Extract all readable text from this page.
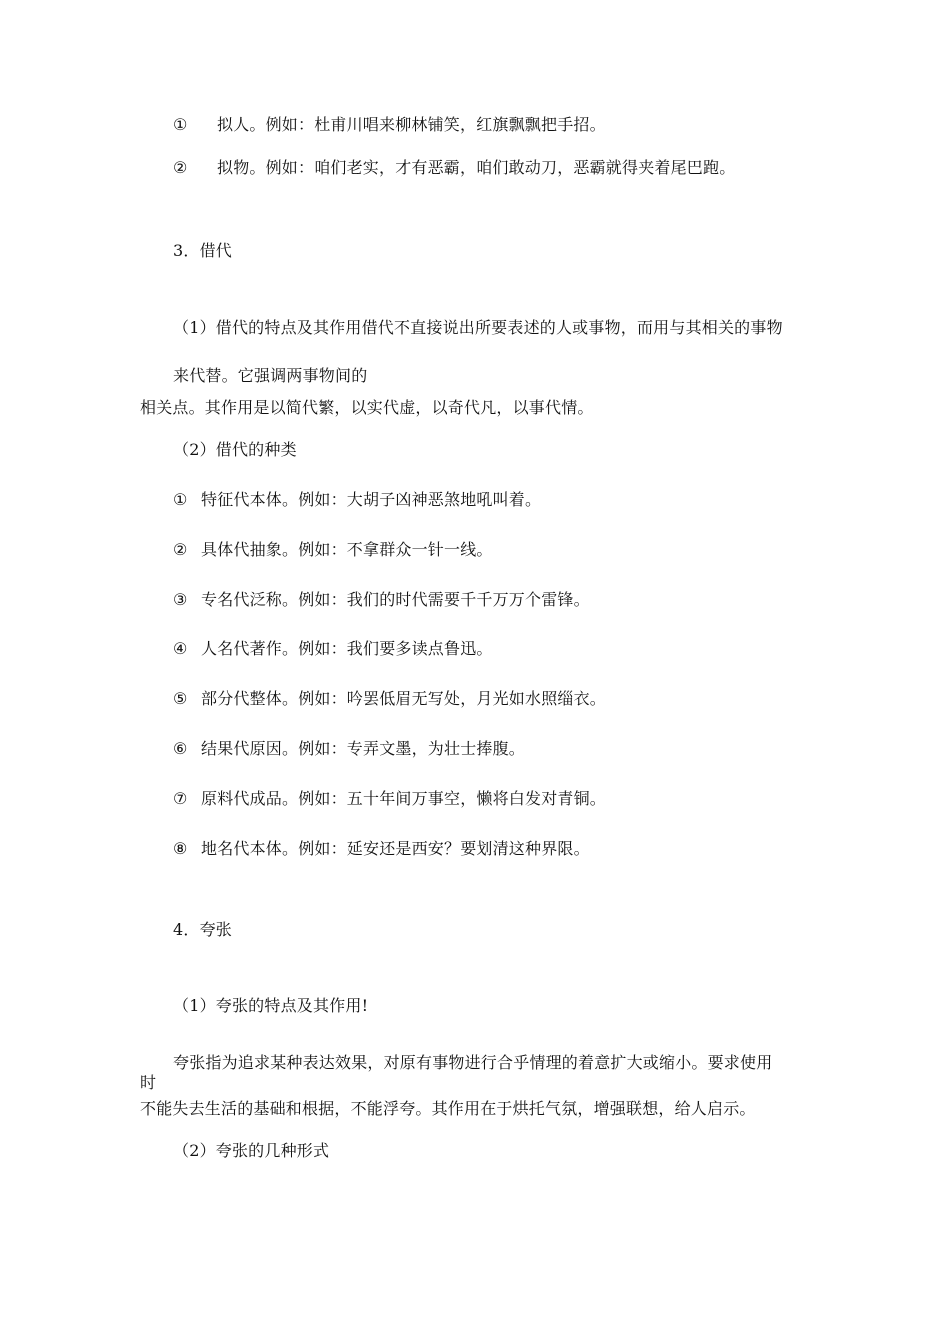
① 拟人。例如：杜甫川唱来柳林铺笑，红旗飘飘把手招。
② 拟物。例如：咱们老实，才有恶霸，咱们敢动刀，恶霸就得夹着尾巴跑。
3．借代
（1）借代的特点及其作用借代不直接说出所要表述的人或事物，而用与其相关的事物
来代替。它强调两事物间的
相关点。其作用是以简代繁，以实代虚，以奇代凡，以事代情。
（2）借代的种类
① 特征代本体。例如：大胡子凶神恶煞地吼叫着。
② 具体代抽象。例如：不拿群众一针一线。
③ 专名代泛称。例如：我们的时代需要千千万万个雷锋。
④ 人名代著作。例如：我们要多读点鲁迅。
⑤ 部分代整体。例如：吟罢低眉无写处，月光如水照缁衣。
⑥ 结果代原因。例如：专弄文墨，为壮士捧腹。
⑦ 原料代成品。例如：五十年间万事空，懒将白发对青铜。
⑧ 地名代本体。例如：延安还是西安？要划清这种界限。
4．夸张
（1）夸张的特点及其作用!
夸张指为追求某种表达效果，对原有事物进行合乎情理的着意扩大或缩小。要求使用
时
不能失去生活的基础和根据，不能浮夸。其作用在于烘托气氛，增强联想，给人启示。
（2）夸张的几种形式
